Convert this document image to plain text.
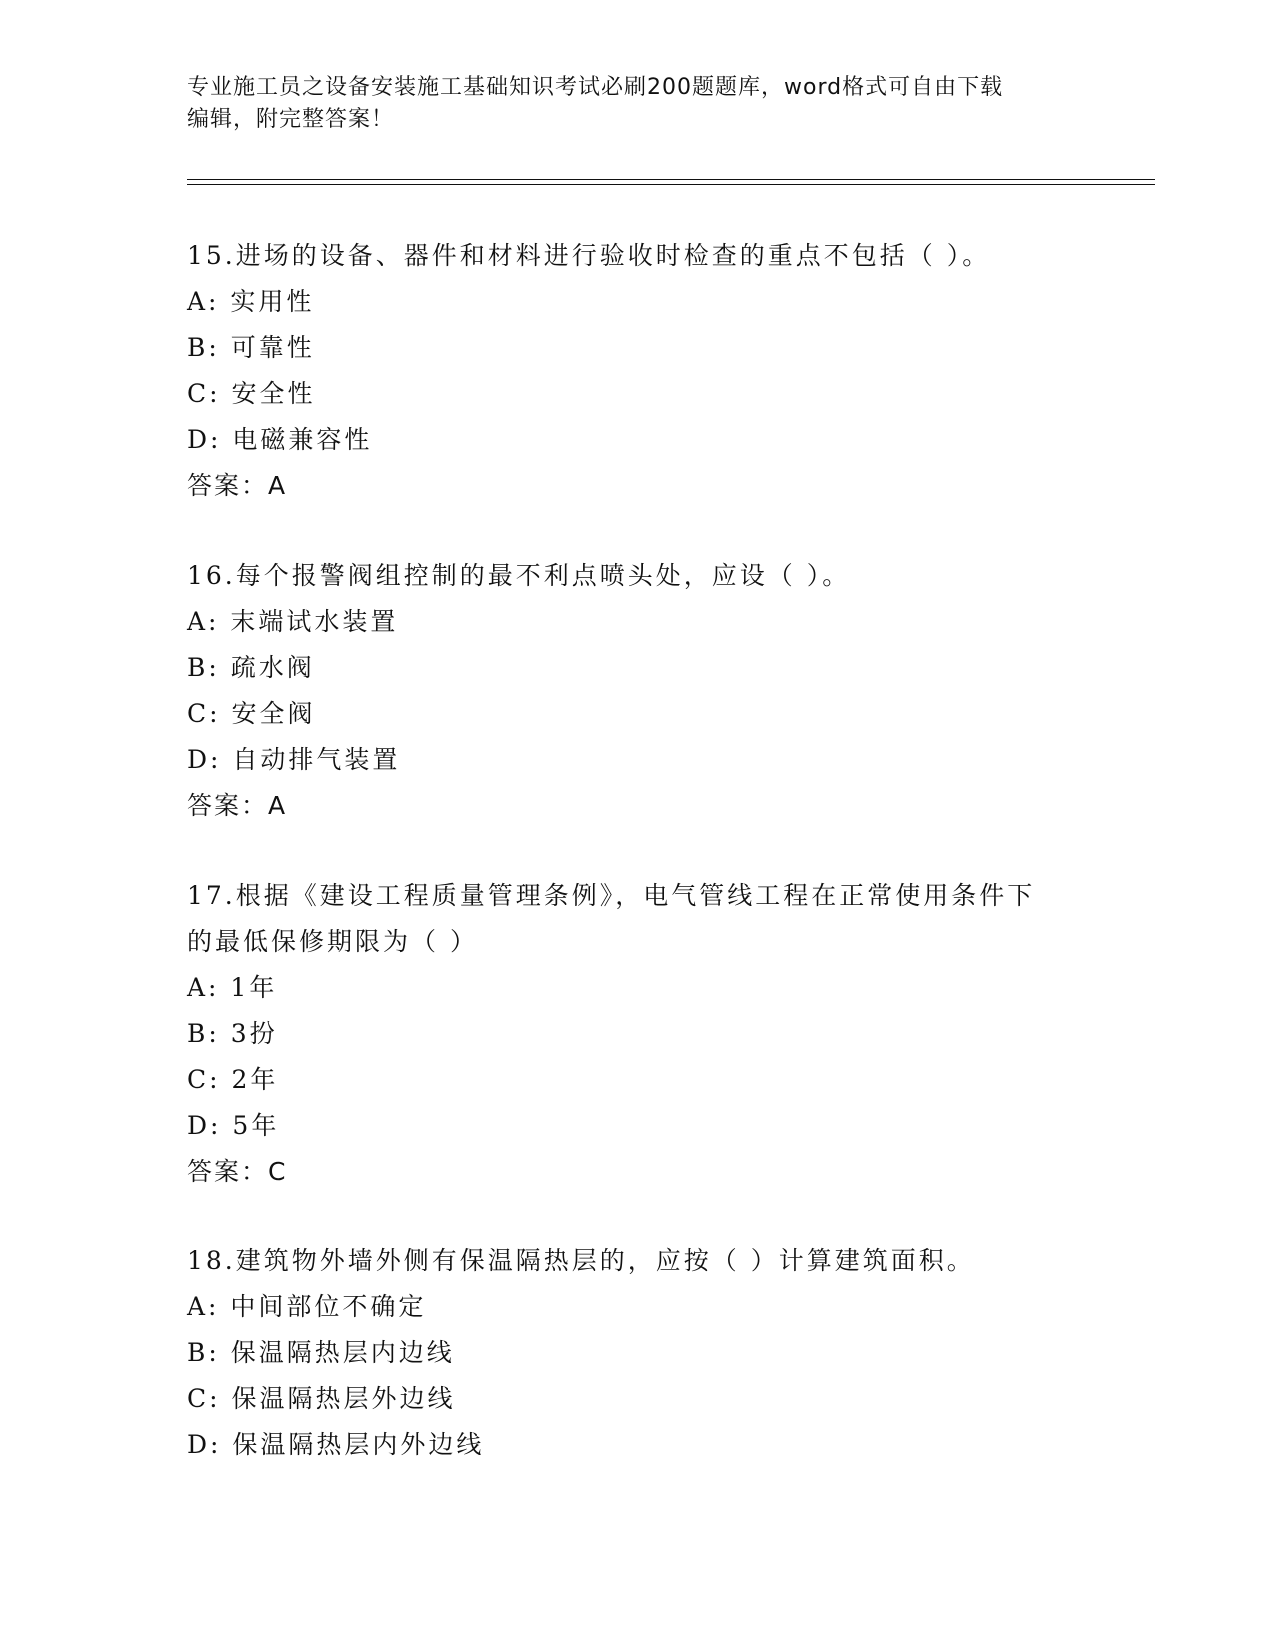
专业施工员之设备安装施工基础知识考试必刷200题题库，word格式可自由下载
编辑，附完整答案！
15.进场的设备、器件和材料进行验收时检查的重点不包括（ ）。
A: 实用性
B: 可靠性
C: 安全性
D: 电磁兼容性
答案：A
16.每个报警阀组控制的最不利点喷头处，应设（ ）。
A: 末端试水装置
B: 疏水阀
C: 安全阀
D: 自动排气装置
答案：A
17.根据《建设工程质量管理条例》，电气管线工程在正常使用条件下
的最低保修期限为（ ）
A: 1年
B: 3扮
C: 2年
D: 5年
答案：C
18.建筑物外墙外侧有保温隔热层的，应按（ ）计算建筑面积。
A: 中间部位不确定
B: 保温隔热层内边线
C: 保温隔热层外边线
D: 保温隔热层内外边线
